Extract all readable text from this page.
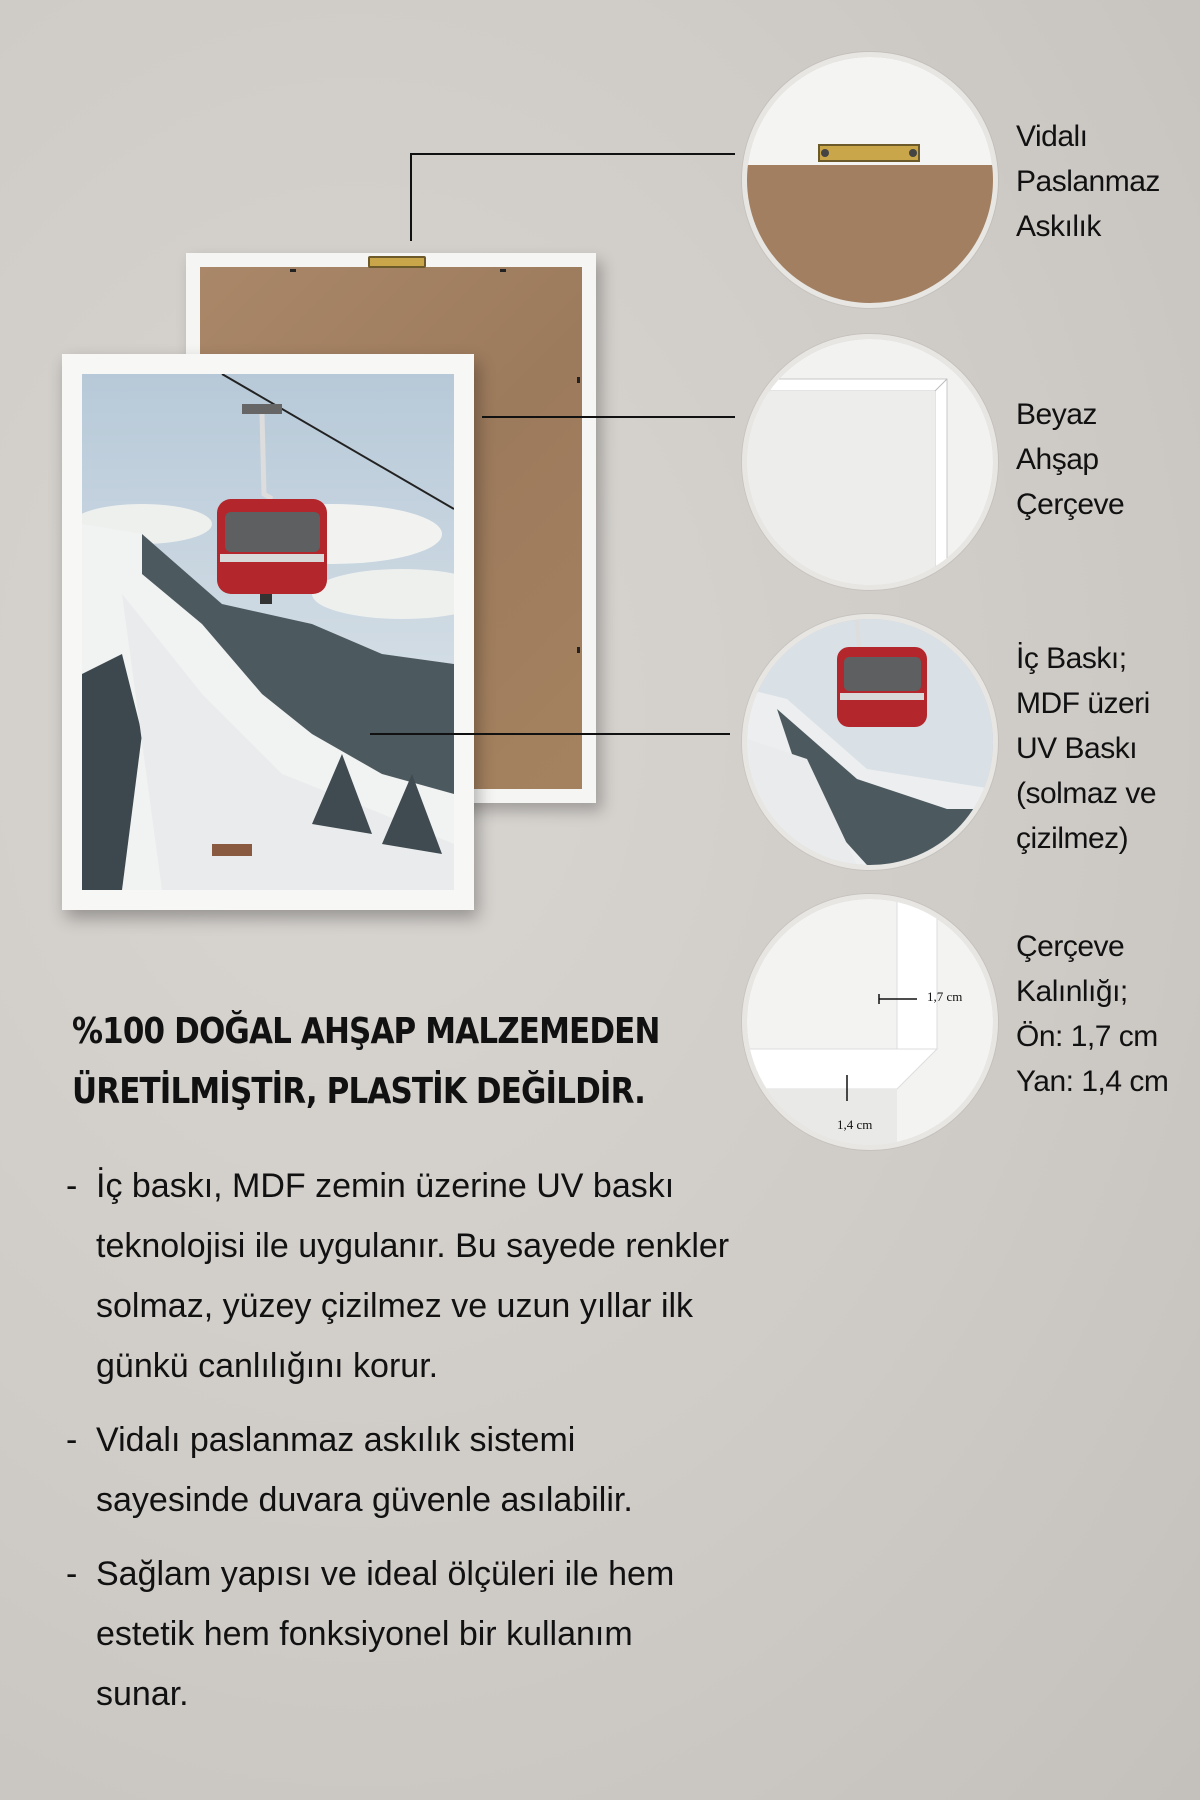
1,7 cm
1,4 cm
Vidalı
Paslanmaz
Askılık
Beyaz
Ahşap
Çerçeve
İç Baskı;
MDF üzeri
UV Baskı
(solmaz ve
çizilmez)
Çerçeve
Kalınlığı;
Ön: 1,7 cm
Yan: 1,4 cm
%100 DOĞAL AHŞAP MALZEMEDEN
ÜRETİLMİŞTİR, PLASTİK DEĞİLDİR.
- İç baskı, MDF zemin üzerine UV baskı
teknolojisi ile uygulanır. Bu sayede renkler
solmaz, yüzey çizilmez ve uzun yıllar ilk
günkü canlılığını korur.
- Vidalı paslanmaz askılık sistemi
sayesinde duvara güvenle asılabilir.
- Sağlam yapısı ve ideal ölçüleri ile hem
estetik hem fonksiyonel bir kullanım
sunar.
